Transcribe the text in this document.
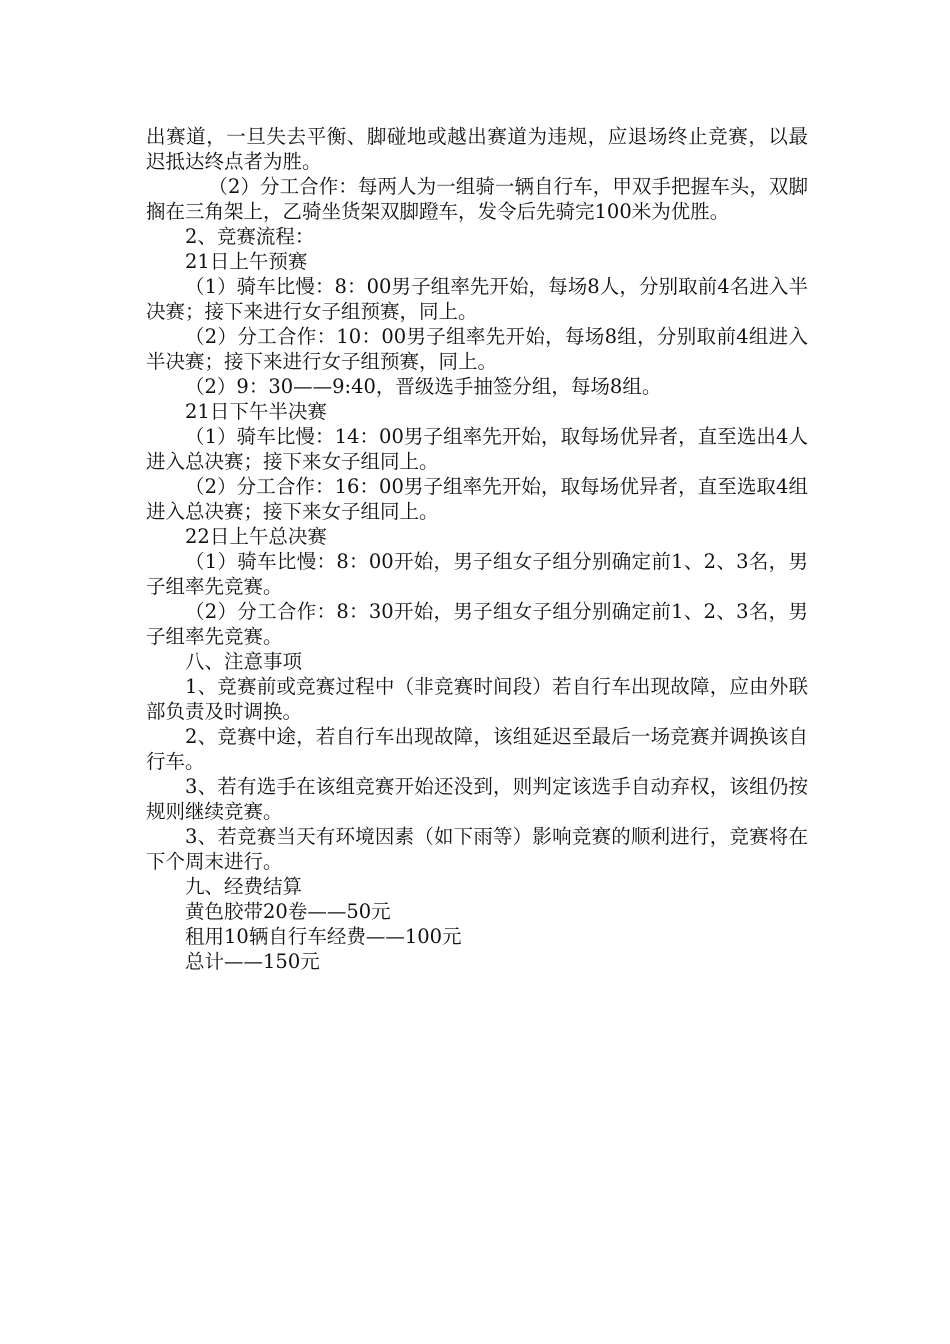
出赛道，一旦失去平衡、脚碰地或越出赛道为违规，应退场终止竞赛，以最迟抵达终点者为胜。

（2）分工合作：每两人为一组骑一辆自行车，甲双手把握车头，双脚搁在三角架上，乙骑坐货架双脚蹬车，发令后先骑完100米为优胜。

2、竞赛流程：

21日上午预赛

（1）骑车比慢：8：00男子组率先开始，每场8人，分别取前4名进入半决赛；接下来进行女子组预赛，同上。

（2）分工合作：10：00男子组率先开始，每场8组，分别取前4组进入半决赛；接下来进行女子组预赛，同上。

（2）9：30——9:40，晋级选手抽签分组，每场8组。

21日下午半决赛

（1）骑车比慢：14：00男子组率先开始，取每场优异者，直至选出4人进入总决赛；接下来女子组同上。

（2）分工合作：16：00男子组率先开始，取每场优异者，直至选取4组进入总决赛；接下来女子组同上。

22日上午总决赛

（1）骑车比慢：8：00开始，男子组女子组分别确定前1、2、3名，男子组率先竞赛。

（2）分工合作：8：30开始，男子组女子组分别确定前1、2、3名，男子组率先竞赛。

八、注意事项

1、竞赛前或竞赛过程中（非竞赛时间段）若自行车出现故障，应由外联部负责及时调换。

2、竞赛中途，若自行车出现故障，该组延迟至最后一场竞赛并调换该自行车。

3、若有选手在该组竞赛开始还没到，则判定该选手自动弃权，该组仍按规则继续竞赛。

3、若竞赛当天有环境因素（如下雨等）影响竞赛的顺利进行，竞赛将在下个周末进行。

九、经费结算

黄色胶带20卷——50元

租用10辆自行车经费——100元

总计——150元
